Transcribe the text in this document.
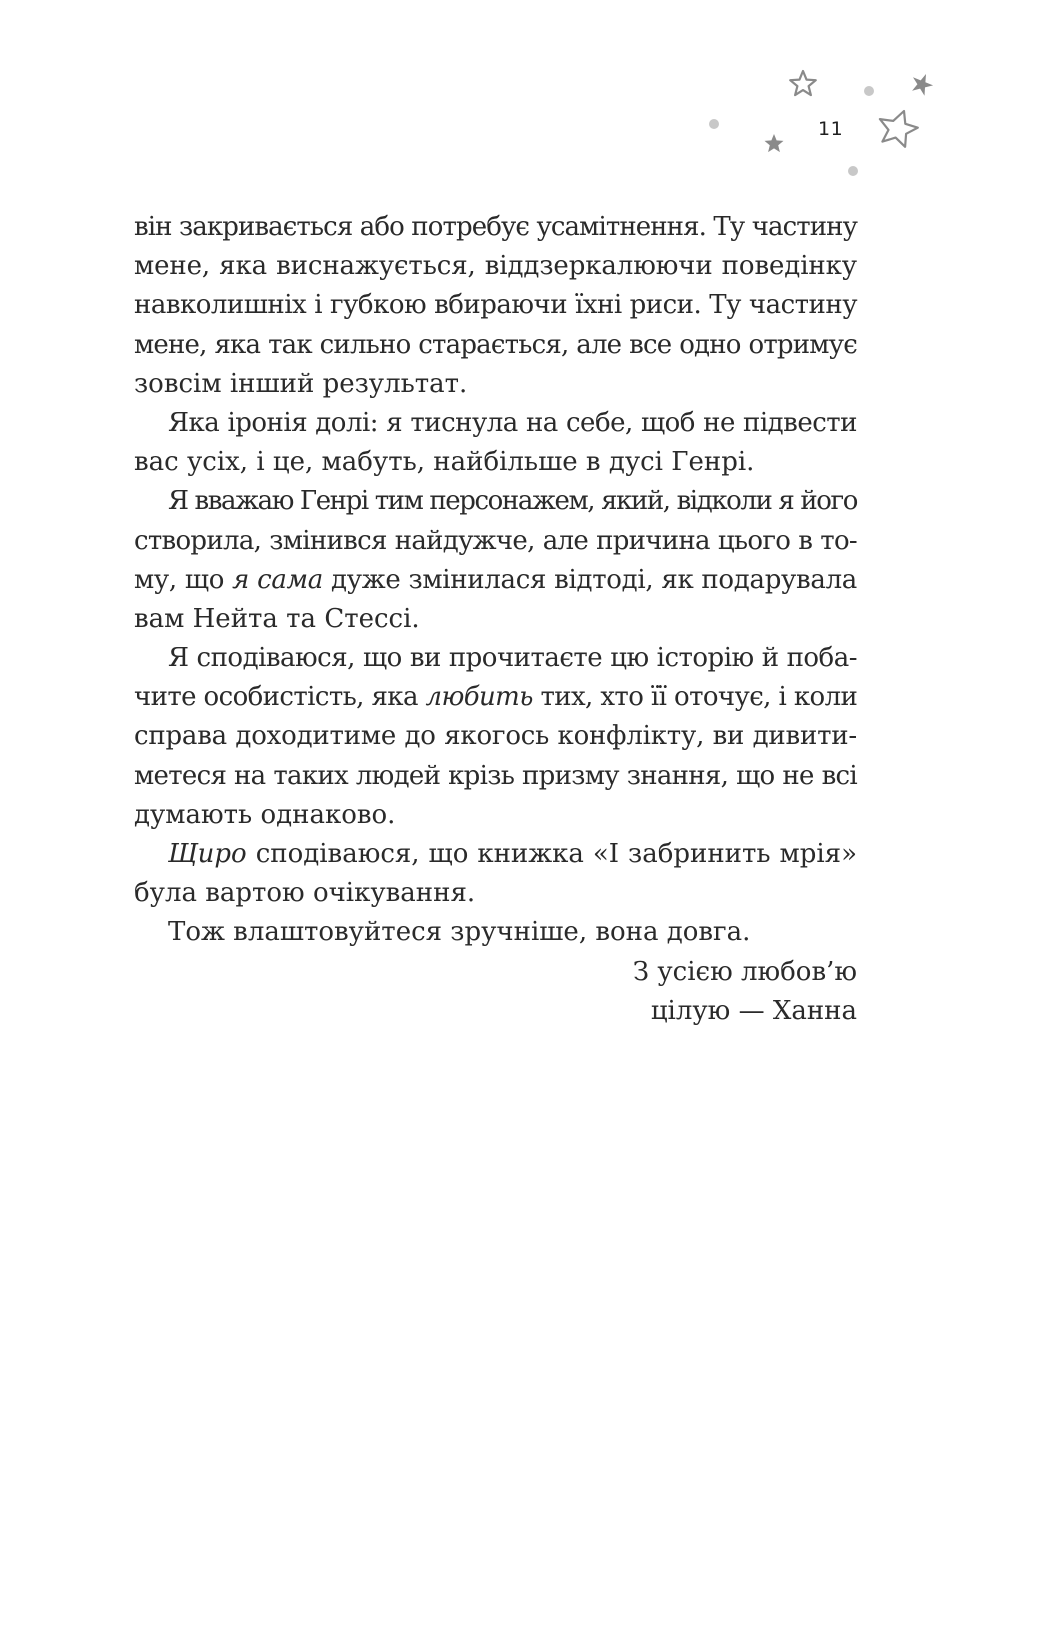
11
він закривається або потребує усамітнення. Ту частину
мене, яка виснажується, віддзеркалюючи поведінку
навколишніх і губкою вбираючи їхні риси. Ту частину
мене, яка так сильно старається, але все одно отримує
зовсім інший результат.
Яка іронія долі: я тиснула на себе, щоб не підвести
вас усіх, і це, мабуть, найбільше в дусі Генрі.
Я вважаю Генрі тим персонажем, який, відколи я його
створила, змінився найдужче, але причина цього в то-
му, що я сама дуже змінилася відтоді, як подарувала
вам Нейта та Стессі.
Я сподіваюся, що ви прочитаєте цю історію й поба-
чите особистість, яка любить тих, хто її оточує, і коли
справа доходитиме до якогось конфлікту, ви дивити-
метеся на таких людей крізь призму знання, що не всі
думають однаково.
Щиро сподіваюся, що книжка «І забринить мрія»
була вартою очікування.
Тож влаштовуйтеся зручніше, вона довга.
З усією любов’ю
цілую — Ханна
